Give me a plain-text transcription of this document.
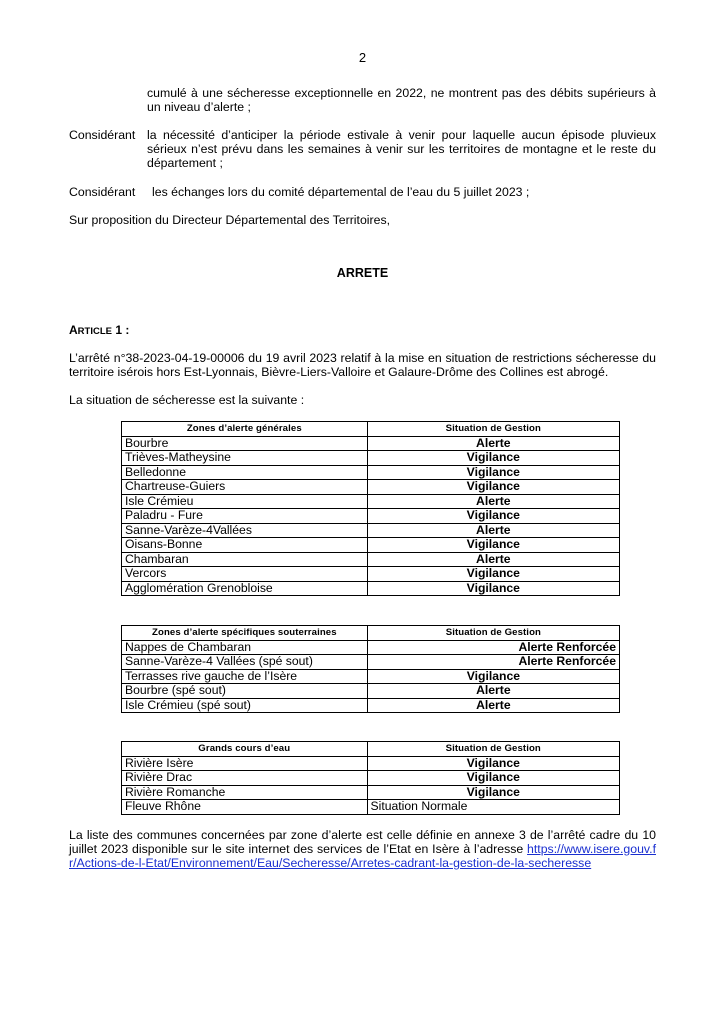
2
cumulé à une sécheresse exceptionnelle en 2022, ne montrent pas des débits supérieurs à un niveau d’alerte ;
Considérant la nécessité d’anticiper la période estivale à venir pour laquelle aucun épisode pluvieux sérieux n’est prévu dans les semaines à venir sur les territoires de montagne et le reste du département ;
Considérant les échanges lors du comité départemental de l’eau du 5 juillet 2023 ;
Sur proposition du Directeur Départemental des Territoires,
ARRETE
ARTICLE 1 :
L’arrêté n°38-2023-04-19-00006 du 19 avril 2023 relatif à la mise en situation de restrictions sécheresse du territoire isérois hors Est-Lyonnais, Bièvre-Liers-Valloire et Galaure-Drôme des Collines est abrogé.
La situation de sécheresse est la suivante :
Zones d’alerte générales	Situation de Gestion
Bourbre	Alerte
Trièves-Matheysine	Vigilance
Belledonne	Vigilance
Chartreuse-Guiers	Vigilance
Isle Crémieu	Alerte
Paladru - Fure	Vigilance
Sanne-Varèze-4Vallées	Alerte
Oisans-Bonne	Vigilance
Chambaran	Alerte
Vercors	Vigilance
Agglomération Grenobloise	Vigilance
Zones d’alerte spécifiques souterraines	Situation de Gestion
Nappes de Chambaran	Alerte Renforcée
Sanne-Varèze-4 Vallées (spé sout)	Alerte Renforcée
Terrasses rive gauche de l’Isère	Vigilance
Bourbre (spé sout)	Alerte
Isle Crémieu (spé sout)	Alerte
Grands cours d’eau	Situation de Gestion
Rivière Isère	Vigilance
Rivière Drac	Vigilance
Rivière Romanche	Vigilance
Fleuve Rhône	Situation Normale
La liste des communes concernées par zone d’alerte est celle définie en annexe 3 de l’arrêté cadre du 10 juillet 2023 disponible sur le site internet des services de l’Etat en Isère à l’adresse https://www.isere.gouv.fr/Actions-de-l-Etat/Environnement/Eau/Secheresse/Arretes-cadrant-la-gestion-de-la-secheresse
